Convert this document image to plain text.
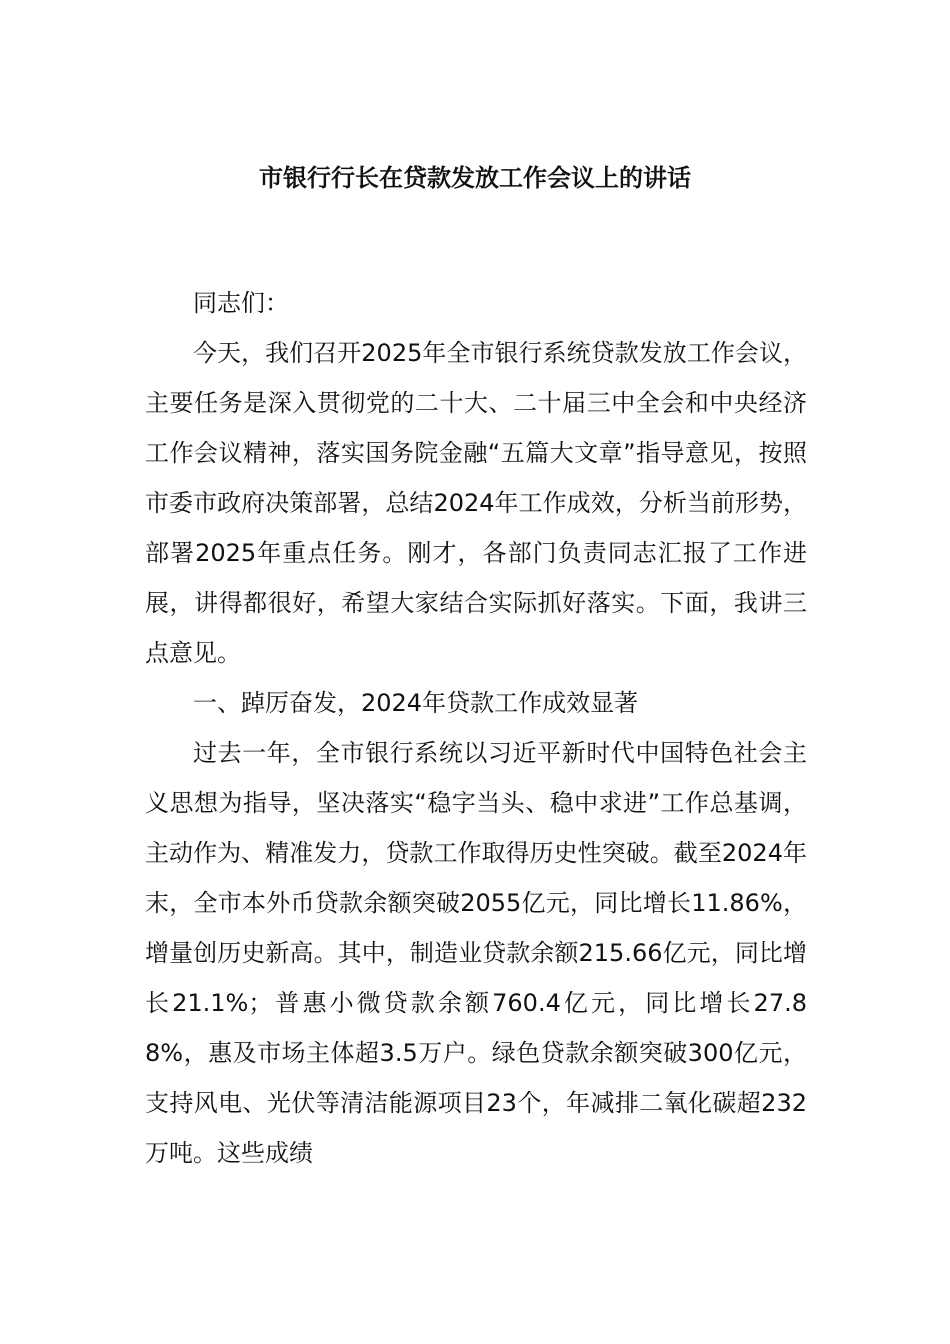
市银行行长在贷款发放工作会议上的讲话

同志们：

今天，我们召开2025年全市银行系统贷款发放工作会议，主要任务是深入贯彻党的二十大、二十届三中全会和中央经济工作会议精神，落实国务院金融“五篇大文章”指导意见，按照市委市政府决策部署，总结2024年工作成效，分析当前形势，部署2025年重点任务。刚才，各部门负责同志汇报了工作进展，讲得都很好，希望大家结合实际抓好落实。下面，我讲三点意见。

一、踔厉奋发，2024年贷款工作成效显著

过去一年，全市银行系统以习近平新时代中国特色社会主义思想为指导，坚决落实“稳字当头、稳中求进”工作总基调，主动作为、精准发力，贷款工作取得历史性突破。截至2024年末，全市本外币贷款余额突破2055亿元，同比增长11.86%，增量创历史新高。其中，制造业贷款余额215.66亿元，同比增长21.1%；普惠小微贷款余额760.4亿元，同比增长27.88%，惠及市场主体超3.5万户。绿色贷款余额突破300亿元，支持风电、光伏等清洁能源项目23个，年减排二氧化碳超232万吨。这些成绩
